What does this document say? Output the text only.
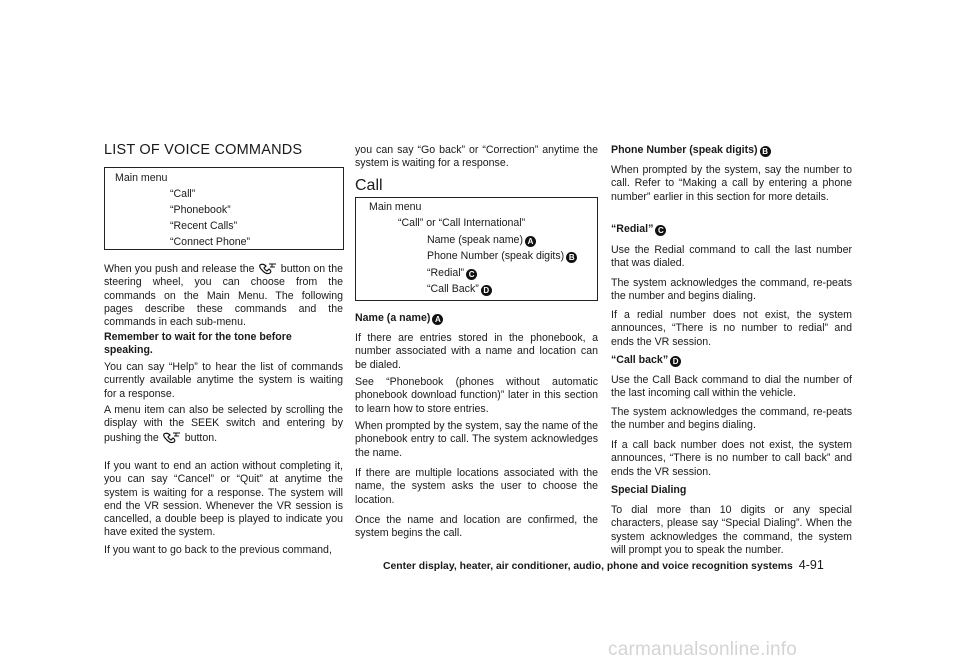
LIST OF VOICE COMMANDS
Main menu
“Call”
“Phonebook”
“Recent Calls”
“Connect Phone”

When you push and release the button on the steering wheel, you can choose from the commands on the Main Menu. The following pages describe these commands and the commands in each sub-menu.

Remember to wait for the tone before speaking.

You can say “Help” to hear the list of commands currently available anytime the system is waiting for a response.

A menu item can also be selected by scrolling the display with the SEEK switch and entering by pushing the button.

If you want to end an action without completing it, you can say “Cancel” or “Quit” at anytime the system is waiting for a response. The system will end the VR session. Whenever the VR session is cancelled, a double beep is played to indicate you have exited the system.

If you want to go back to the previous command,

you can say “Go back” or “Correction” anytime the system is waiting for a response.

Call
Main menu
“Call” or “Call International”
Name (speak name) A
Phone Number (speak digits) B
“Redial” C
“Call Back” D

Name (a name) A

If there are entries stored in the phonebook, a number associated with a name and location can be dialed.

See “Phonebook (phones without automatic phonebook download function)” later in this section to learn how to store entries.

When prompted by the system, say the name of the phonebook entry to call. The system acknowledges the name.

If there are multiple locations associated with the name, the system asks the user to choose the location.

Once the name and location are confirmed, the system begins the call.

Phone Number (speak digits) B

When prompted by the system, say the number to call. Refer to “Making a call by entering a phone number” earlier in this section for more details.

“Redial” C

Use the Redial command to call the last number that was dialed.

The system acknowledges the command, re-peats the number and begins dialing.

If a redial number does not exist, the system announces, “There is no number to redial” and ends the VR session.

“Call back” D

Use the Call Back command to dial the number of the last incoming call within the vehicle.

The system acknowledges the command, re-peats the number and begins dialing.

If a call back number does not exist, the system announces, “There is no number to call back” and ends the VR session.

Special Dialing

To dial more than 10 digits or any special characters, please say “Special Dialing”. When the system acknowledges the command, the system will prompt you to speak the number.

Center display, heater, air conditioner, audio, phone and voice recognition systems 4-91
carmanualsonline.info
